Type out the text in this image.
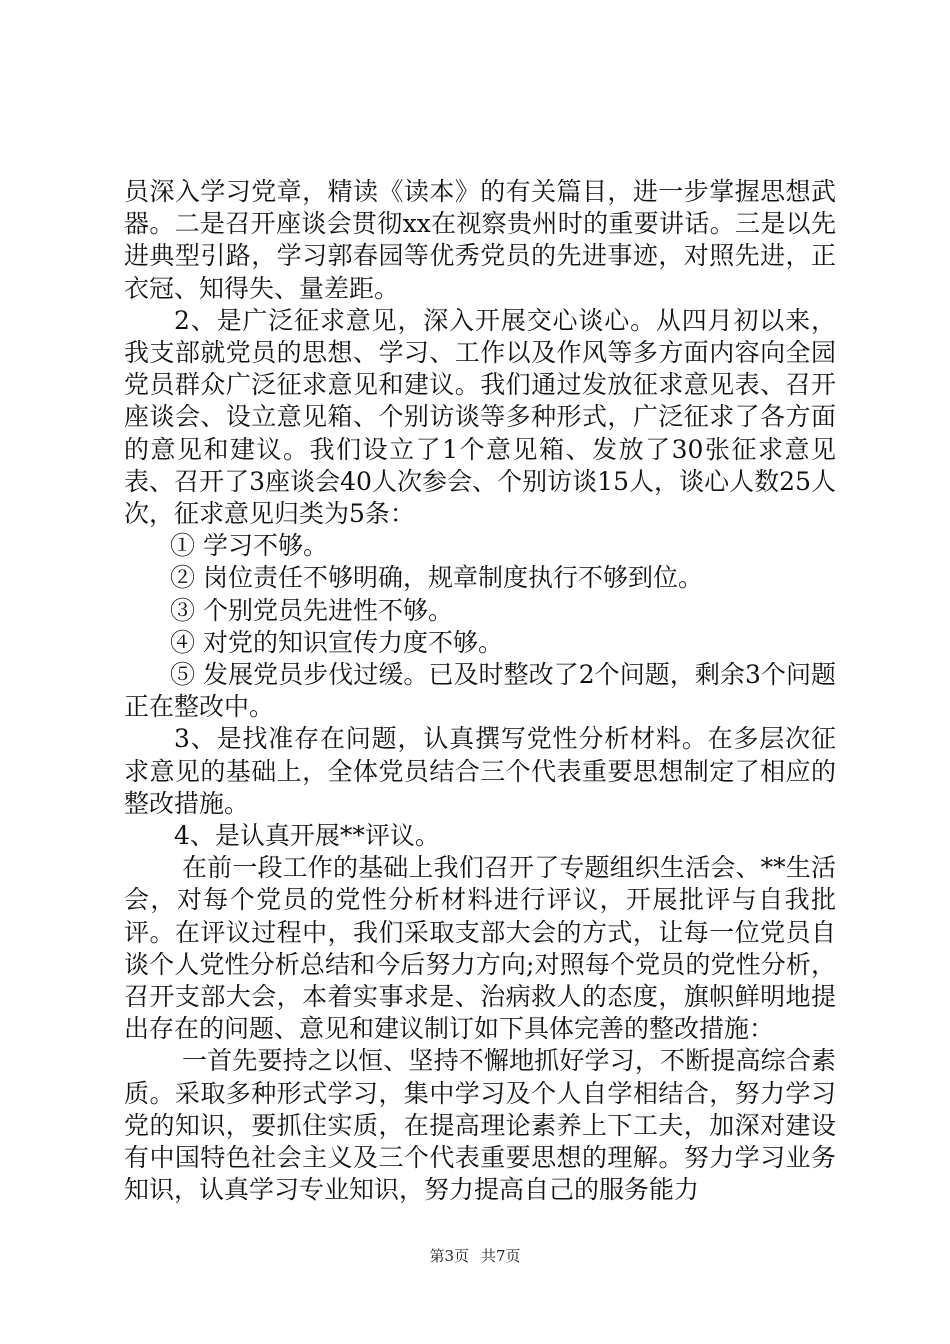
员深入学习党章，精读《读本》的有关篇目，进一步掌握思想武器。二是召开座谈会贯彻xx在视察贵州时的重要讲话。三是以先进典型引路，学习郭春园等优秀党员的先进事迹，对照先进，正衣冠、知得失、量差距。

2、是广泛征求意见，深入开展交心谈心。从四月初以来，我支部就党员的思想、学习、工作以及作风等多方面内容向全园党员群众广泛征求意见和建议。我们通过发放征求意见表、召开座谈会、设立意见箱、个别访谈等多种形式，广泛征求了各方面的意见和建议。我们设立了1个意见箱、发放了30张征求意见表、召开了3座谈会40人次参会、个别访谈15人，谈心人数25人次，征求意见归类为5条：

① 学习不够。

② 岗位责任不够明确，规章制度执行不够到位。

③ 个别党员先进性不够。

④ 对党的知识宣传力度不够。

⑤ 发展党员步伐过缓。已及时整改了2个问题，剩余3个问题正在整改中。

3、是找准存在问题，认真撰写党性分析材料。在多层次征求意见的基础上，全体党员结合三个代表重要思想制定了相应的整改措施。

4、是认真开展**评议。

在前一段工作的基础上我们召开了专题组织生活会、**生活会，对每个党员的党性分析材料进行评议，开展批评与自我批评。在评议过程中，我们采取支部大会的方式，让每一位党员自谈个人党性分析总结和今后努力方向;对照每个党员的党性分析，召开支部大会，本着实事求是、治病救人的态度，旗帜鲜明地提出存在的问题、意见和建议制订如下具体完善的整改措施：

一首先要持之以恒、坚持不懈地抓好学习，不断提高综合素质。采取多种形式学习，集中学习及个人自学相结合，努力学习党的知识，要抓住实质，在提高理论素养上下工夫，加深对建设有中国特色社会主义及三个代表重要思想的理解。努力学习业务知识，认真学习专业知识，努力提高自己的服务能力

第3页 共7页
